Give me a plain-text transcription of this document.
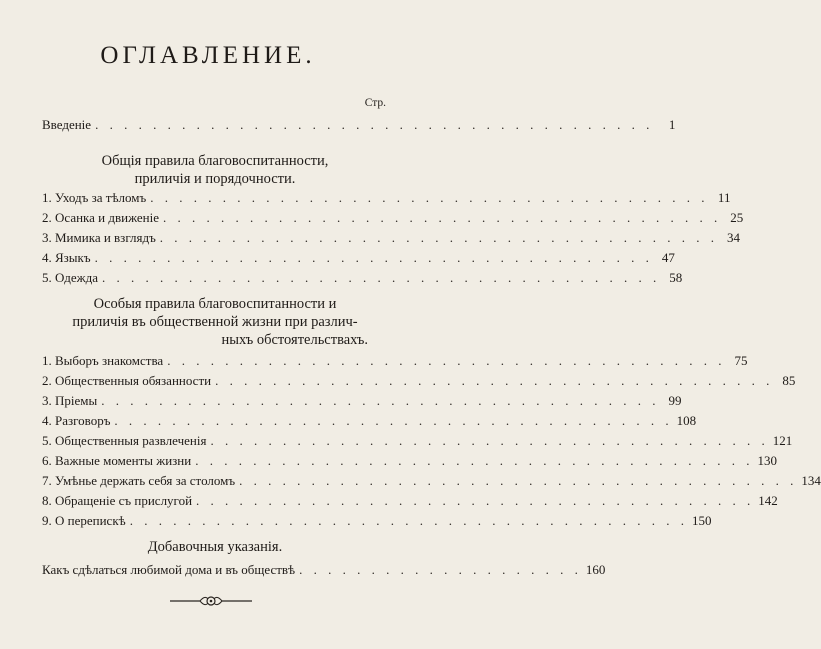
ОГЛАВЛЕНИЕ.
Стр.
Введеніе . . . . . . . . . . . . . . . . . . . . . . . . . . . . . . . . . . . . . . .	1
Общія правила благовоспитанности,
приличія и порядочности.
1. Уходъ за тѣломъ . . . . . . . . . . . . . . . . . . . . . . . . . . . . . . . . . . . . . . . 11
2. Осанка и движеніе . . . . . . . . . . . . . . . . . . . . . . . . . . . . . . . . . . . . . . . 25
3. Мимика и взглядъ . . . . . . . . . . . . . . . . . . . . . . . . . . . . . . . . . . . . . . . 34
4. Языкъ . . . . . . . . . . . . . . . . . . . . . . . . . . . . . . . . . . . . . . . 47
5. Одежда . . . . . . . . . . . . . . . . . . . . . . . . . . . . . . . . . . . . . . . 58
Особыя правила благовоспитанности и
приличія въ общественной жизни при различ-
ныхъ обстоятельствахъ.
1. Выборъ знакомства . . . . . . . . . . . . . . . . . . . . . . . . . . . . . . . . . . . . . . . 75
2. Общественныя обязанности . . . . . . . . . . . . . . . . . . . . . . . . . . . . . . . . . . . . . . . 85
3. Пріемы . . . . . . . . . . . . . . . . . . . . . . . . . . . . . . . . . . . . . . . 99
4. Разговоръ . . . . . . . . . . . . . . . . . . . . . . . . . . . . . . . . . . . . . . . 108
5. Общественныя развлеченія . . . . . . . . . . . . . . . . . . . . . . . . . . . . . . . . . . . . . . . 121
6. Важные моменты жизни . . . . . . . . . . . . . . . . . . . . . . . . . . . . . . . . . . . . . . . 130
7. Умѣнье держать себя за столомъ . . . . . . . . . . . . . . . . . . . . . . . . . . . . . . . . . . . . . . . 134
8. Обращеніе съ прислугой . . . . . . . . . . . . . . . . . . . . . . . . . . . . . . . . . . . . . . . 142
9. О перепискѣ . . . . . . . . . . . . . . . . . . . . . . . . . . . . . . . . . . . . . . . 150
Добавочныя указанія.
Какъ сдѣлаться любимой дома и въ обществѣ . . . . . . . . . . . . . . . . . . . . 160
